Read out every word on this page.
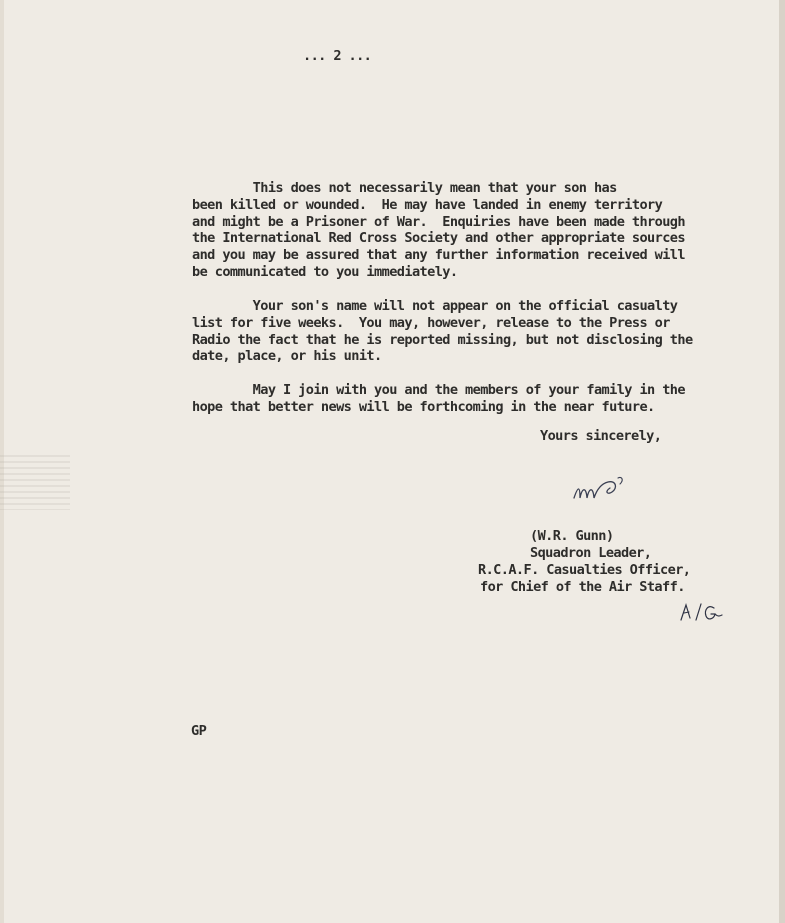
... 2 ...
This does not necessarily mean that your son has
been killed or wounded.  He may have landed in enemy territory
and might be a Prisoner of War.  Enquiries have been made through
the International Red Cross Society and other appropriate sources
and you may be assured that any further information received will
be communicated to you immediately.
Your son's name will not appear on the official casualty
list for five weeks.  You may, however, release to the Press or
Radio the fact that he is reported missing, but not disclosing the
date, place, or his unit.
May I join with you and the members of your family in the
hope that better news will be forthcoming in the near future.
Yours sincerely,
(W.R. Gunn)
Squadron Leader,
R.C.A.F. Casualties Officer,
for Chief of the Air Staff.
GP
